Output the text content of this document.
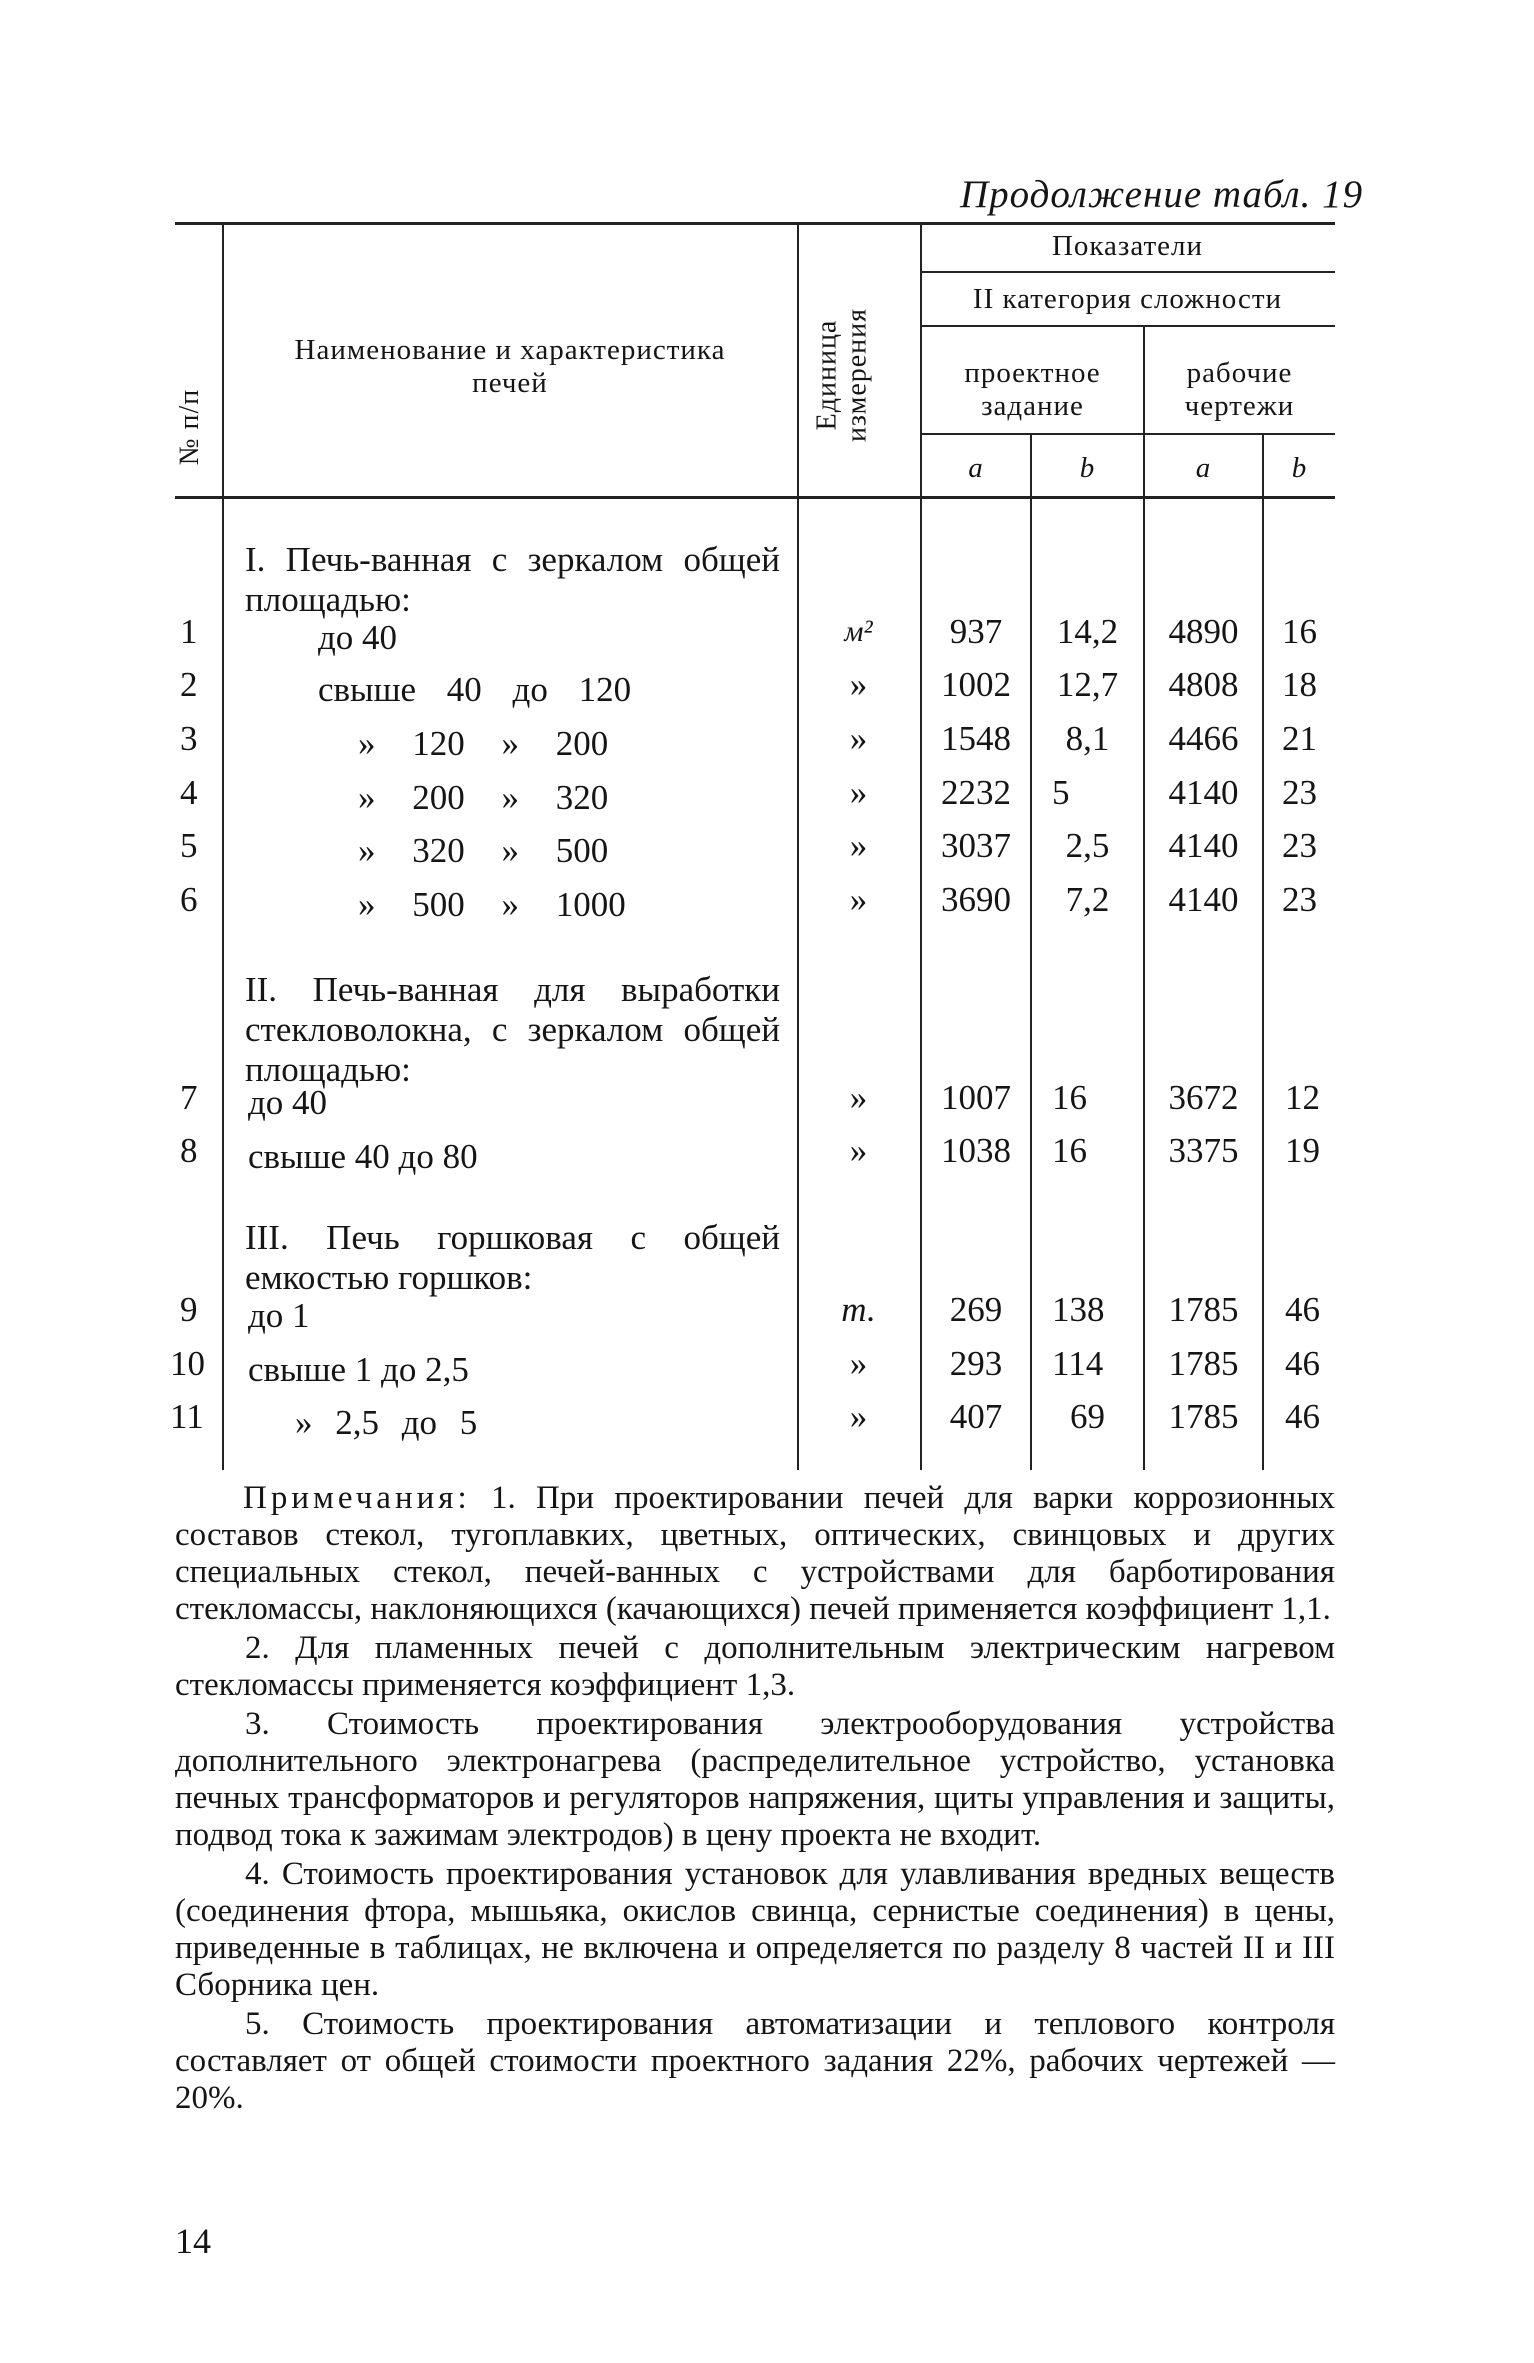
Продолжение табл. 19
№ п/п
Наименование и характеристика печей	Единица измерения
Показатели
II категория сложности
проектное задание
рабочие чертежи
a	b	a	b
I. Печь-ванная с зеркалом общей площадью:
II. Печь-ванная для выработки стекловолокна, с зеркалом общей площадью:
III. Печь горшковая с общей емкостью горшков:
1	до 40	м²	937	14,2	4890	16
2	свыше 40 до 120	»	1002	12,7	4808	18
3	» 120 » 200	»	1548	8,1	4466	21
4	» 200 » 320	»	2232	5	4140	23
5	» 320 » 500	»	3037	2,5	4140	23
6	» 500 » 1000	»	3690	7,2	4140	23
7 до 40	»	1007	16	3672	12
8 свыше 40 до 80	»	1038	16	3375	19
9 до 1	т.	269	138	1785	46
10 свыше 1 до 2,5	»	293	114	1785	46
11	» 2,5 до 5	»	407	69	1785	46

Примечания: 1. При проектировании печей для варки коррозионных составов стекол, тугоплавких, цветных, оптических, свинцовых и других специальных стекол, печей-ванных с устройствами для барботирования стекломассы, наклоняющихся (качающихся) печей применяется коэффициент 1,1.

2. Для пламенных печей с дополнительным электрическим нагревом стекломассы применяется коэффициент 1,3.

3. Стоимость проектирования электрооборудования устройства дополнительного электронагрева (распределительное устройство, установка печных трансформаторов и регуляторов напряжения, щиты управления и защиты, подвод тока к зажимам электродов) в цену проекта не входит.

4. Стоимость проектирования установок для улавливания вредных веществ (соединения фтора, мышьяка, окислов свинца, сернистые соединения) в цены, приведенные в таблицах, не включена и определяется по разделу 8 частей II и III Сборника цен.

5. Стоимость проектирования автоматизации и теплового контроля составляет от общей стоимости проектного задания 22%, рабочих чертежей — 20%.

14
